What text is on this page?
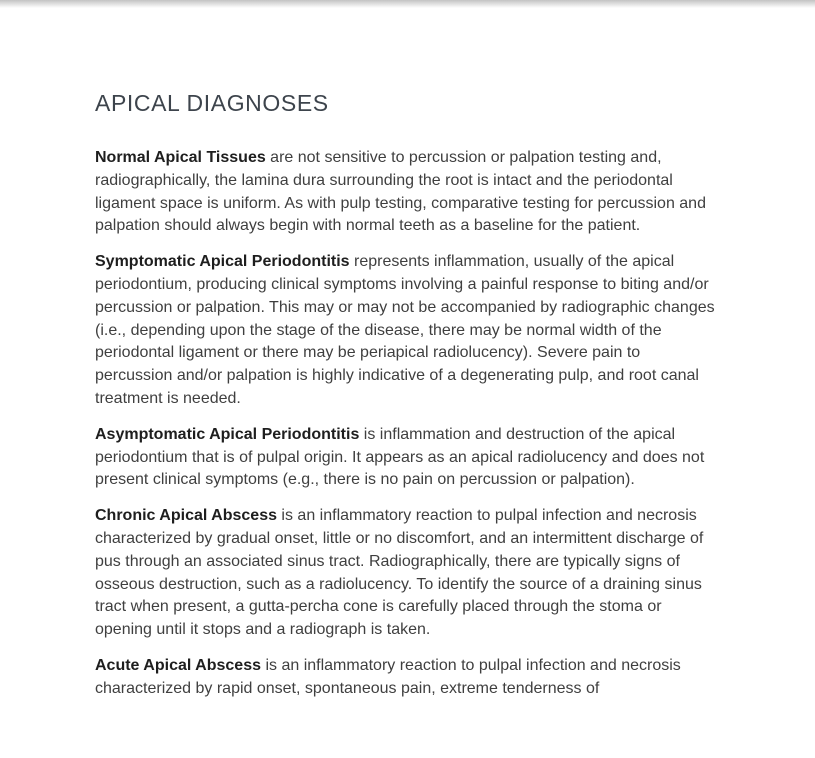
APICAL DIAGNOSES

Normal Apical Tissues are not sensitive to percussion or palpation testing and, radiographically, the lamina dura surrounding the root is intact and the periodontal ligament space is uniform. As with pulp testing, comparative testing for percussion and palpation should always begin with normal teeth as a baseline for the patient.

Symptomatic Apical Periodontitis represents inflammation, usually of the apical periodontium, producing clinical symptoms involving a painful response to biting and/or percussion or palpation. This may or may not be accompanied by radiographic changes (i.e., depending upon the stage of the disease, there may be normal width of the periodontal ligament or there may be periapical radiolucency). Severe pain to percussion and/or palpation is highly indicative of a degenerating pulp, and root canal treatment is needed.

Asymptomatic Apical Periodontitis is inflammation and destruction of the apical periodontium that is of pulpal origin. It appears as an apical radiolucency and does not present clinical symptoms (e.g., there is no pain on percussion or palpation).

Chronic Apical Abscess is an inflammatory reaction to pulpal infection and necrosis characterized by gradual onset, little or no discomfort, and an intermittent discharge of pus through an associated sinus tract. Radiographically, there are typically signs of osseous destruction, such as a radiolucency. To identify the source of a draining sinus tract when present, a gutta-percha cone is carefully placed through the stoma or opening until it stops and a radiograph is taken.

Acute Apical Abscess is an inflammatory reaction to pulpal infection and necrosis characterized by rapid onset, spontaneous pain, extreme tenderness of
